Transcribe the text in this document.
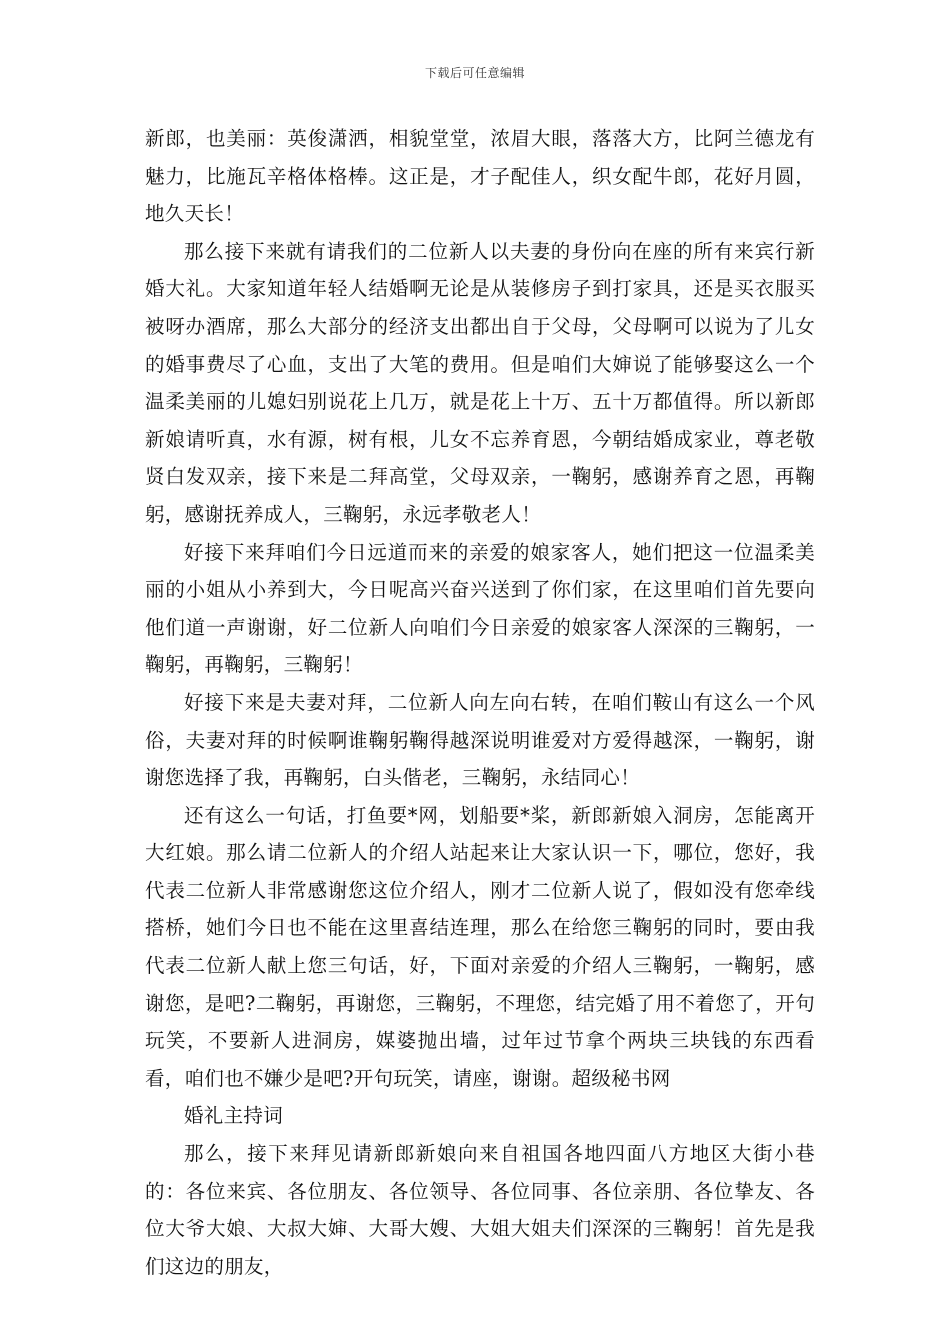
下载后可任意编辑

新郎，也美丽：英俊潇洒，相貌堂堂，浓眉大眼，落落大方，比阿兰德龙有魅力，比施瓦辛格体格棒。这正是，才子配佳人，织女配牛郎，花好月圆，地久天长！

那么接下来就有请我们的二位新人以夫妻的身份向在座的所有来宾行新婚大礼。大家知道年轻人结婚啊无论是从装修房子到打家具，还是买衣服买被呀办酒席，那么大部分的经济支出都出自于父母，父母啊可以说为了儿女的婚事费尽了心血，支出了大笔的费用。但是咱们大婶说了能够娶这么一个温柔美丽的儿媳妇别说花上几万，就是花上十万、五十万都值得。所以新郎新娘请听真，水有源，树有根，儿女不忘养育恩，今朝结婚成家业，尊老敬贤白发双亲，接下来是二拜高堂，父母双亲，一鞠躬，感谢养育之恩，再鞠躬，感谢抚养成人，三鞠躬，永远孝敬老人！

好接下来拜咱们今日远道而来的亲爱的娘家客人，她们把这一位温柔美丽的小姐从小养到大，今日呢高兴奋兴送到了你们家，在这里咱们首先要向他们道一声谢谢，好二位新人向咱们今日亲爱的娘家客人深深的三鞠躬，一鞠躬，再鞠躬，三鞠躬！

好接下来是夫妻对拜，二位新人向左向右转，在咱们鞍山有这么一个风俗，夫妻对拜的时候啊谁鞠躬鞠得越深说明谁爱对方爱得越深，一鞠躬，谢谢您选择了我，再鞠躬，白头偕老，三鞠躬，永结同心！

还有这么一句话，打鱼要*网，划船要*桨，新郎新娘入洞房，怎能离开大红娘。那么请二位新人的介绍人站起来让大家认识一下，哪位，您好，我代表二位新人非常感谢您这位介绍人，刚才二位新人说了，假如没有您牵线搭桥，她们今日也不能在这里喜结连理，那么在给您三鞠躬的同时，要由我代表二位新人献上您三句话，好，下面对亲爱的介绍人三鞠躬，一鞠躬，感谢您，是吧?二鞠躬，再谢您，三鞠躬，不理您，结完婚了用不着您了，开句玩笑，不要新人进洞房，媒婆抛出墙，过年过节拿个两块三块钱的东西看看，咱们也不嫌少是吧?开句玩笑，请座，谢谢。超级秘书网

婚礼主持词

那么，接下来拜见请新郎新娘向来自祖国各地四面八方地区大街小巷的：各位来宾、各位朋友、各位领导、各位同事、各位亲朋、各位挚友、各位大爷大娘、大叔大婶、大哥大嫂、大姐大姐夫们深深的三鞠躬！首先是我们这边的朋友，
